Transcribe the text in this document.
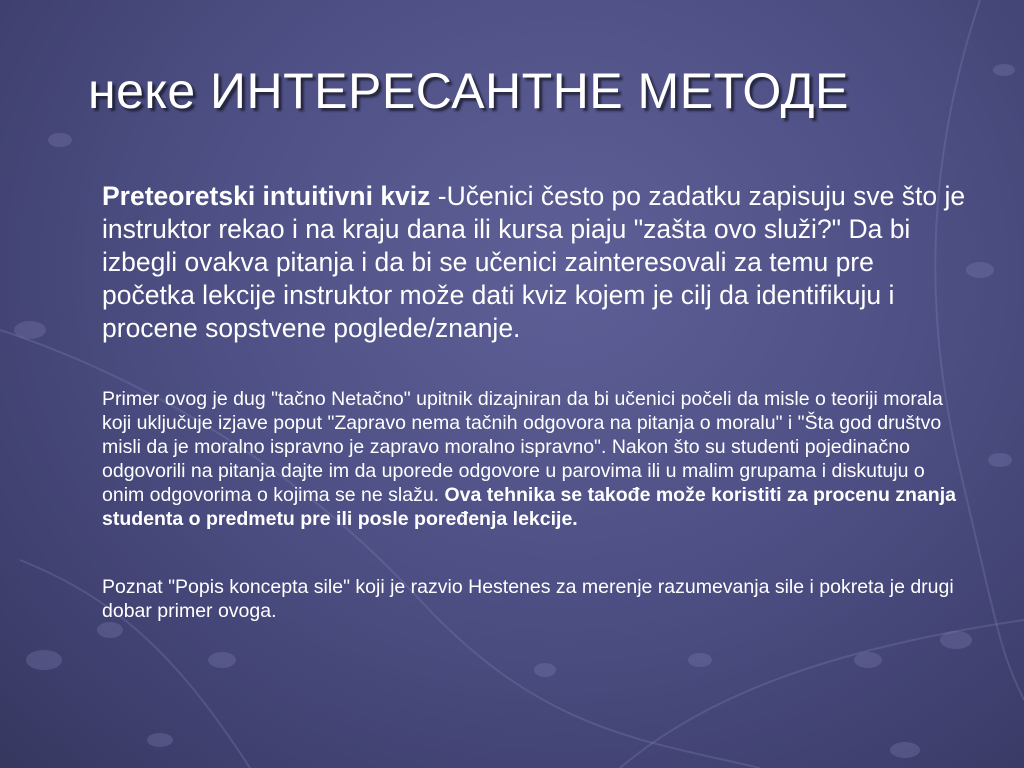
неке ИНТЕРЕСАНТНЕ МЕТОДЕ

Preteoretski intuitivni kviz -Učenici često po zadatku zapisuju sve što je instruktor rekao i na kraju dana ili kursa piaju "zašta ovo služi?" Da bi izbegli ovakva pitanja i da bi se učenici zainteresovali za temu pre početka lekcije instruktor može dati kviz kojem je cilj da identifikuju i procene sopstvene poglede/znanje.

Primer ovog je dug "tačno Netačno" upitnik dizajniran da bi učenici počeli da misle o teoriji morala koji uključuje izjave poput "Zapravo nema tačnih odgovora na pitanja o moralu" i "Šta god društvo misli da je moralno ispravno je zapravo moralno ispravno". Nakon što su studenti pojedinačno odgovorili na pitanja dajte im da uporede odgovore u parovima ili u malim grupama i diskutuju o onim odgovorima o kojima se ne slažu. Ova tehnika se takođe može koristiti za procenu znanja studenta o predmetu pre ili posle poređenja lekcije.

Poznat "Popis koncepta sile" koji je razvio Hestenes za merenje razumevanja sile i pokreta je drugi dobar primer ovoga.
